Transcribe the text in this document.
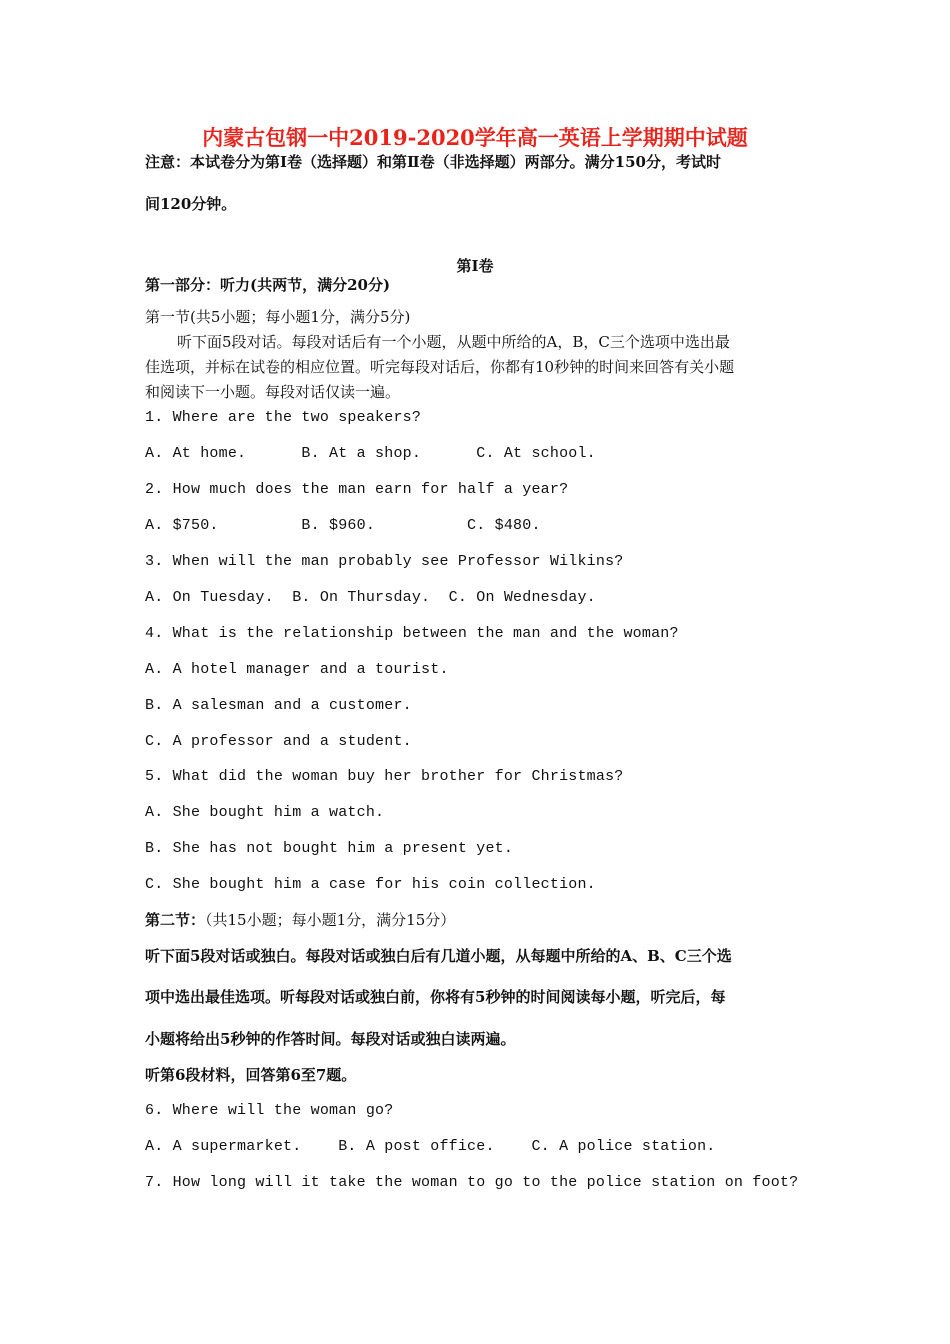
内蒙古包钢一中2019-2020学年高一英语上学期期中试题
注意：本试卷分为第Ⅰ卷（选择题）和第Ⅱ卷（非选择题）两部分。满分150分，考试时
间120分钟。
第Ⅰ卷
第一部分：听力(共两节，满分20分)
第一节(共5小题；每小题1分，满分5分)
听下面5段对话。每段对话后有一个小题，从题中所给的A，B，C三个选项中选出最
佳选项，并标在试卷的相应位置。听完每段对话后，你都有10秒钟的时间来回答有关小题
和阅读下一小题。每段对话仅读一遍。
1. Where are the two speakers?
A. At home.      B. At a shop.      C. At school.
2. How much does the man earn for half a year?
A. $750.         B. $960.          C. $480.
3. When will the man probably see Professor Wilkins?
A. On Tuesday.  B. On Thursday.  C. On Wednesday.
4. What is the relationship between the man and the woman?
A. A hotel manager and a tourist.
B. A salesman and a customer.
C. A professor and a student.
5. What did the woman buy her brother for Christmas?
A. She bought him a watch.
B. She has not bought him a present yet.
C. She bought him a case for his coin collection.
第二节：（共15小题；每小题1分，满分15分）
听下面5段对话或独白。每段对话或独白后有几道小题，从每题中所给的A、B、C三个选
项中选出最佳选项。听每段对话或独白前，你将有5秒钟的时间阅读每小题，听完后，每
小题将给出5秒钟的作答时间。每段对话或独白读两遍。
听第6段材料，回答第6至7题。
6. Where will the woman go?
A. A supermarket.    B. A post office.    C. A police station.
7. How long will it take the woman to go to the police station on foot?
